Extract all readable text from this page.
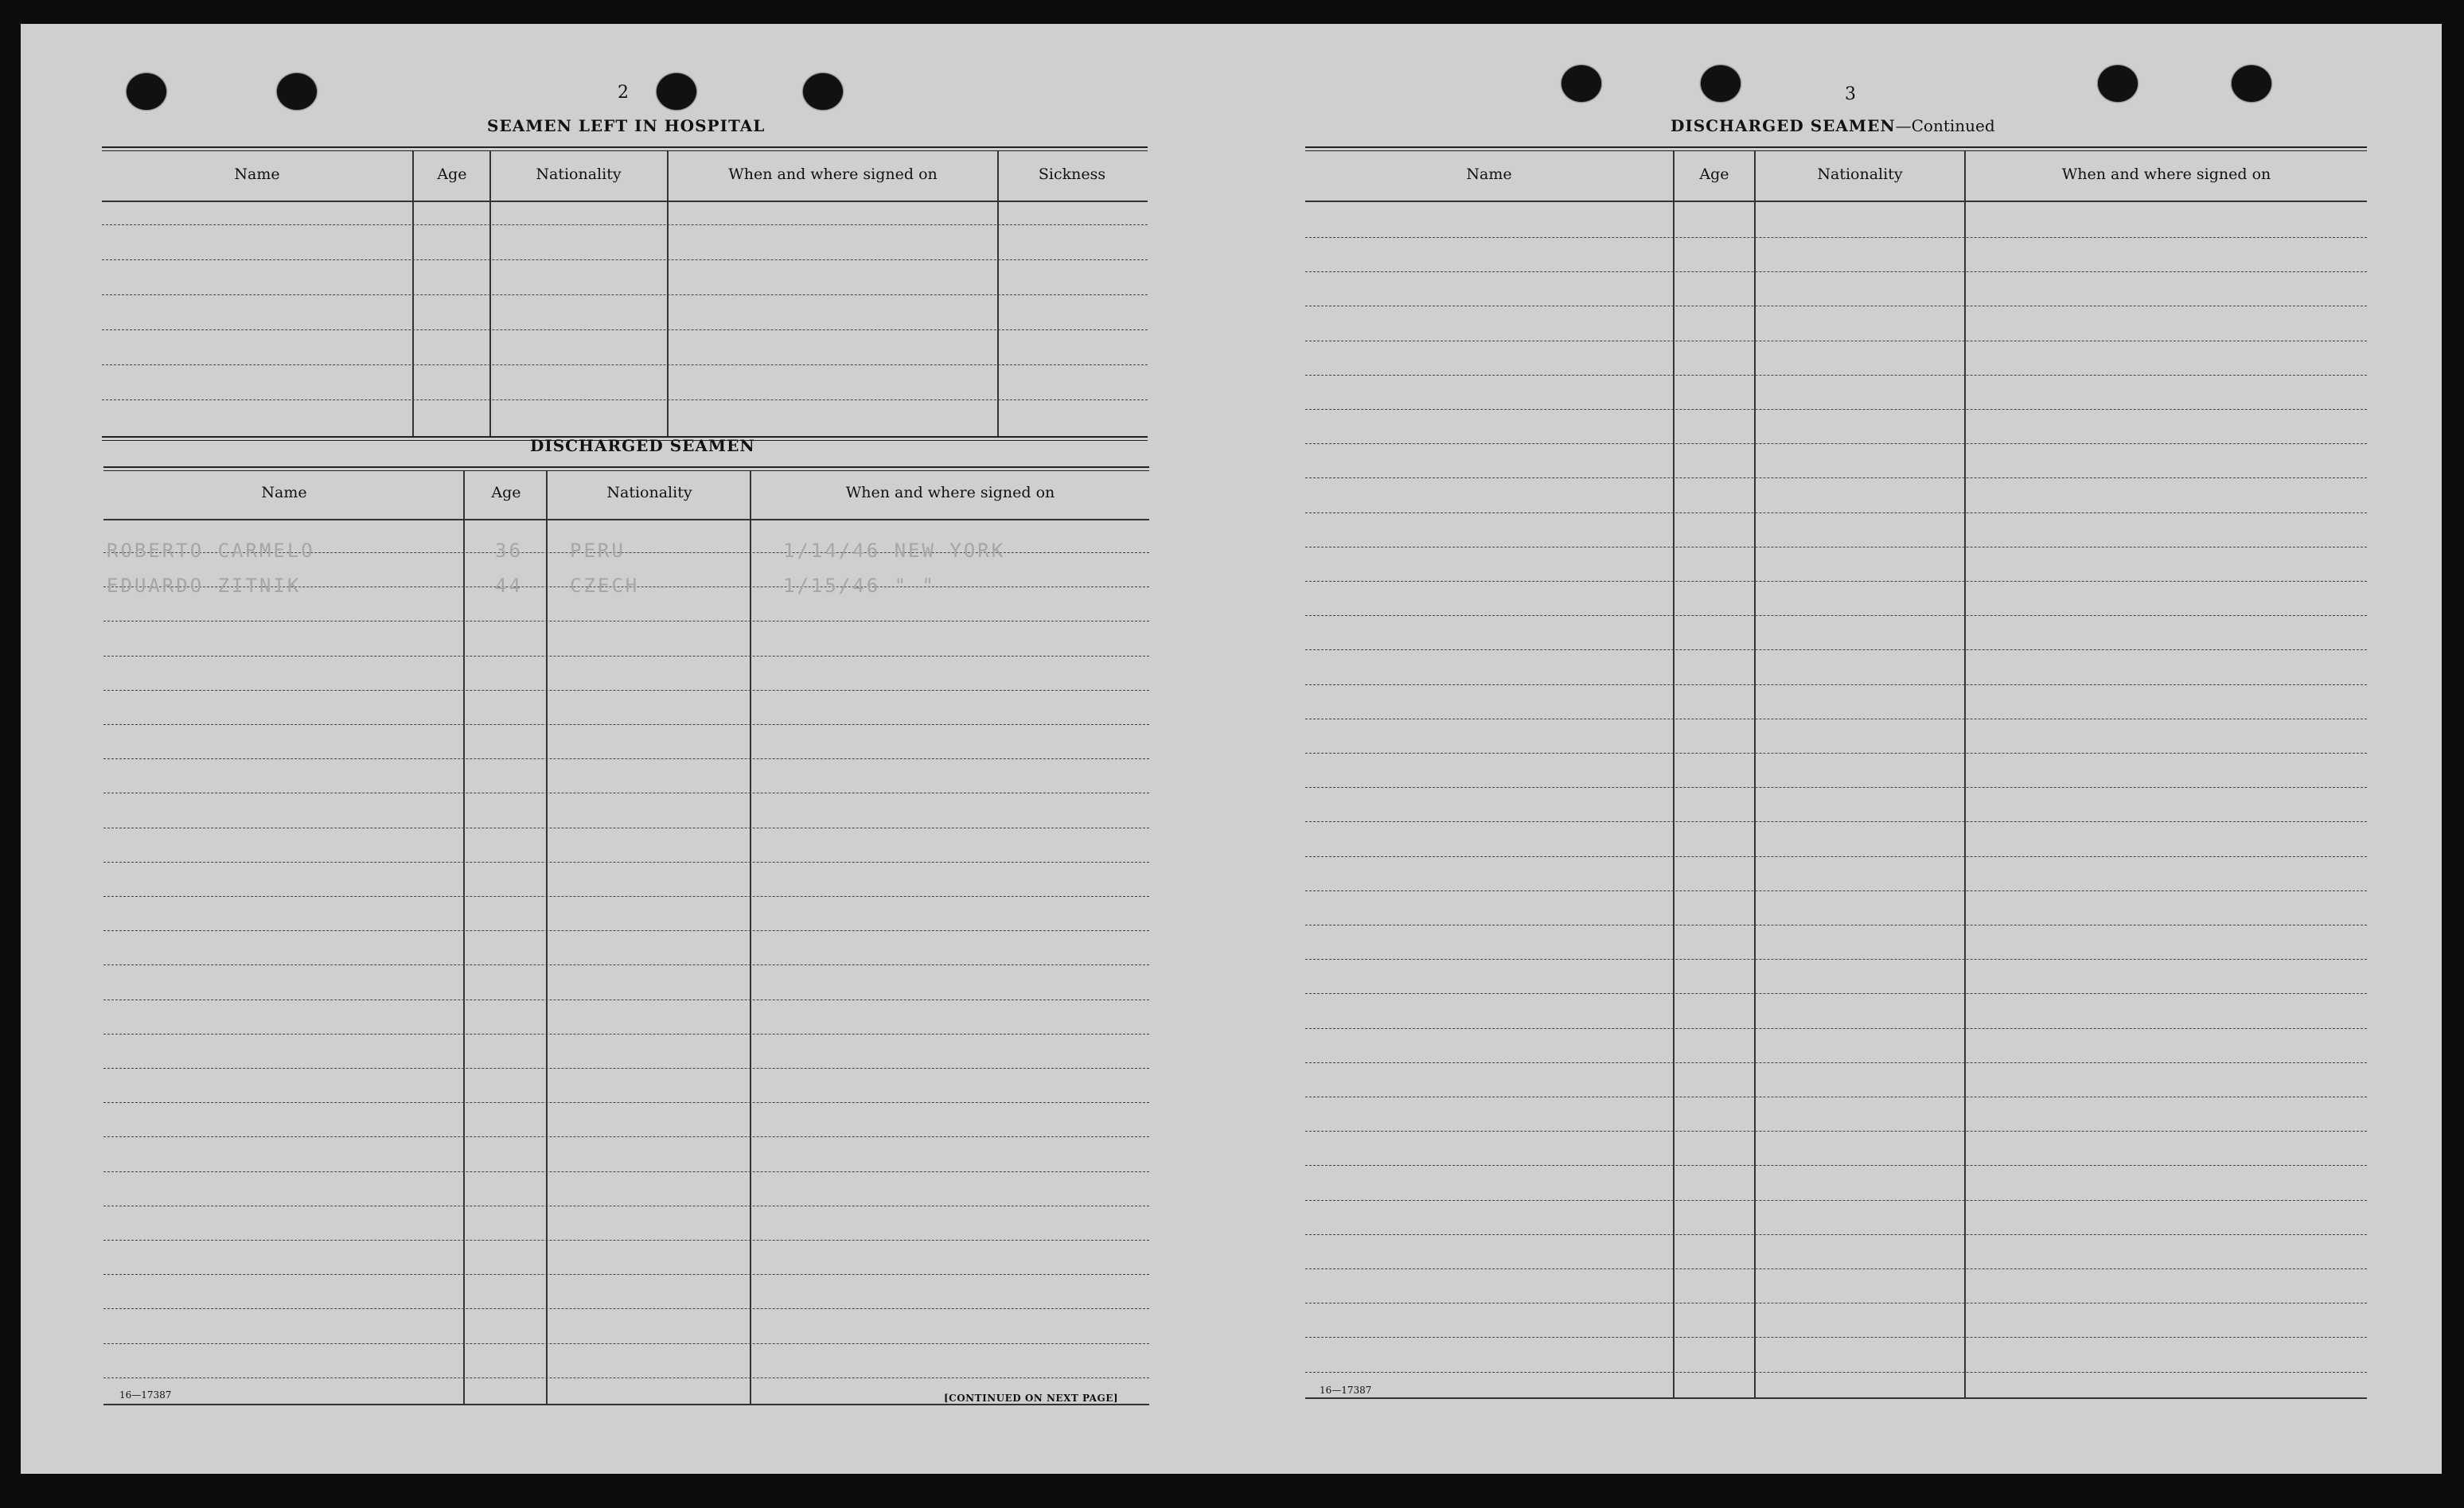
2
SEAMEN LEFT IN HOSPITAL
Name	Age	Nationality	When and where signed on	Sickness
DISCHARGED SEAMEN
Name	Age	Nationality	When and where signed on
ROBERTO CARMELO	36 PERU	1/14/46 NEW YORK
EDUARDO ZITNIK	44 CZECH	1/15/46 " "
16—17387	[CONTINUED ON NEXT PAGE]
3
DISCHARGED SEAMEN—Continued
Name	Age	Nationality	When and where signed on
16—17387
